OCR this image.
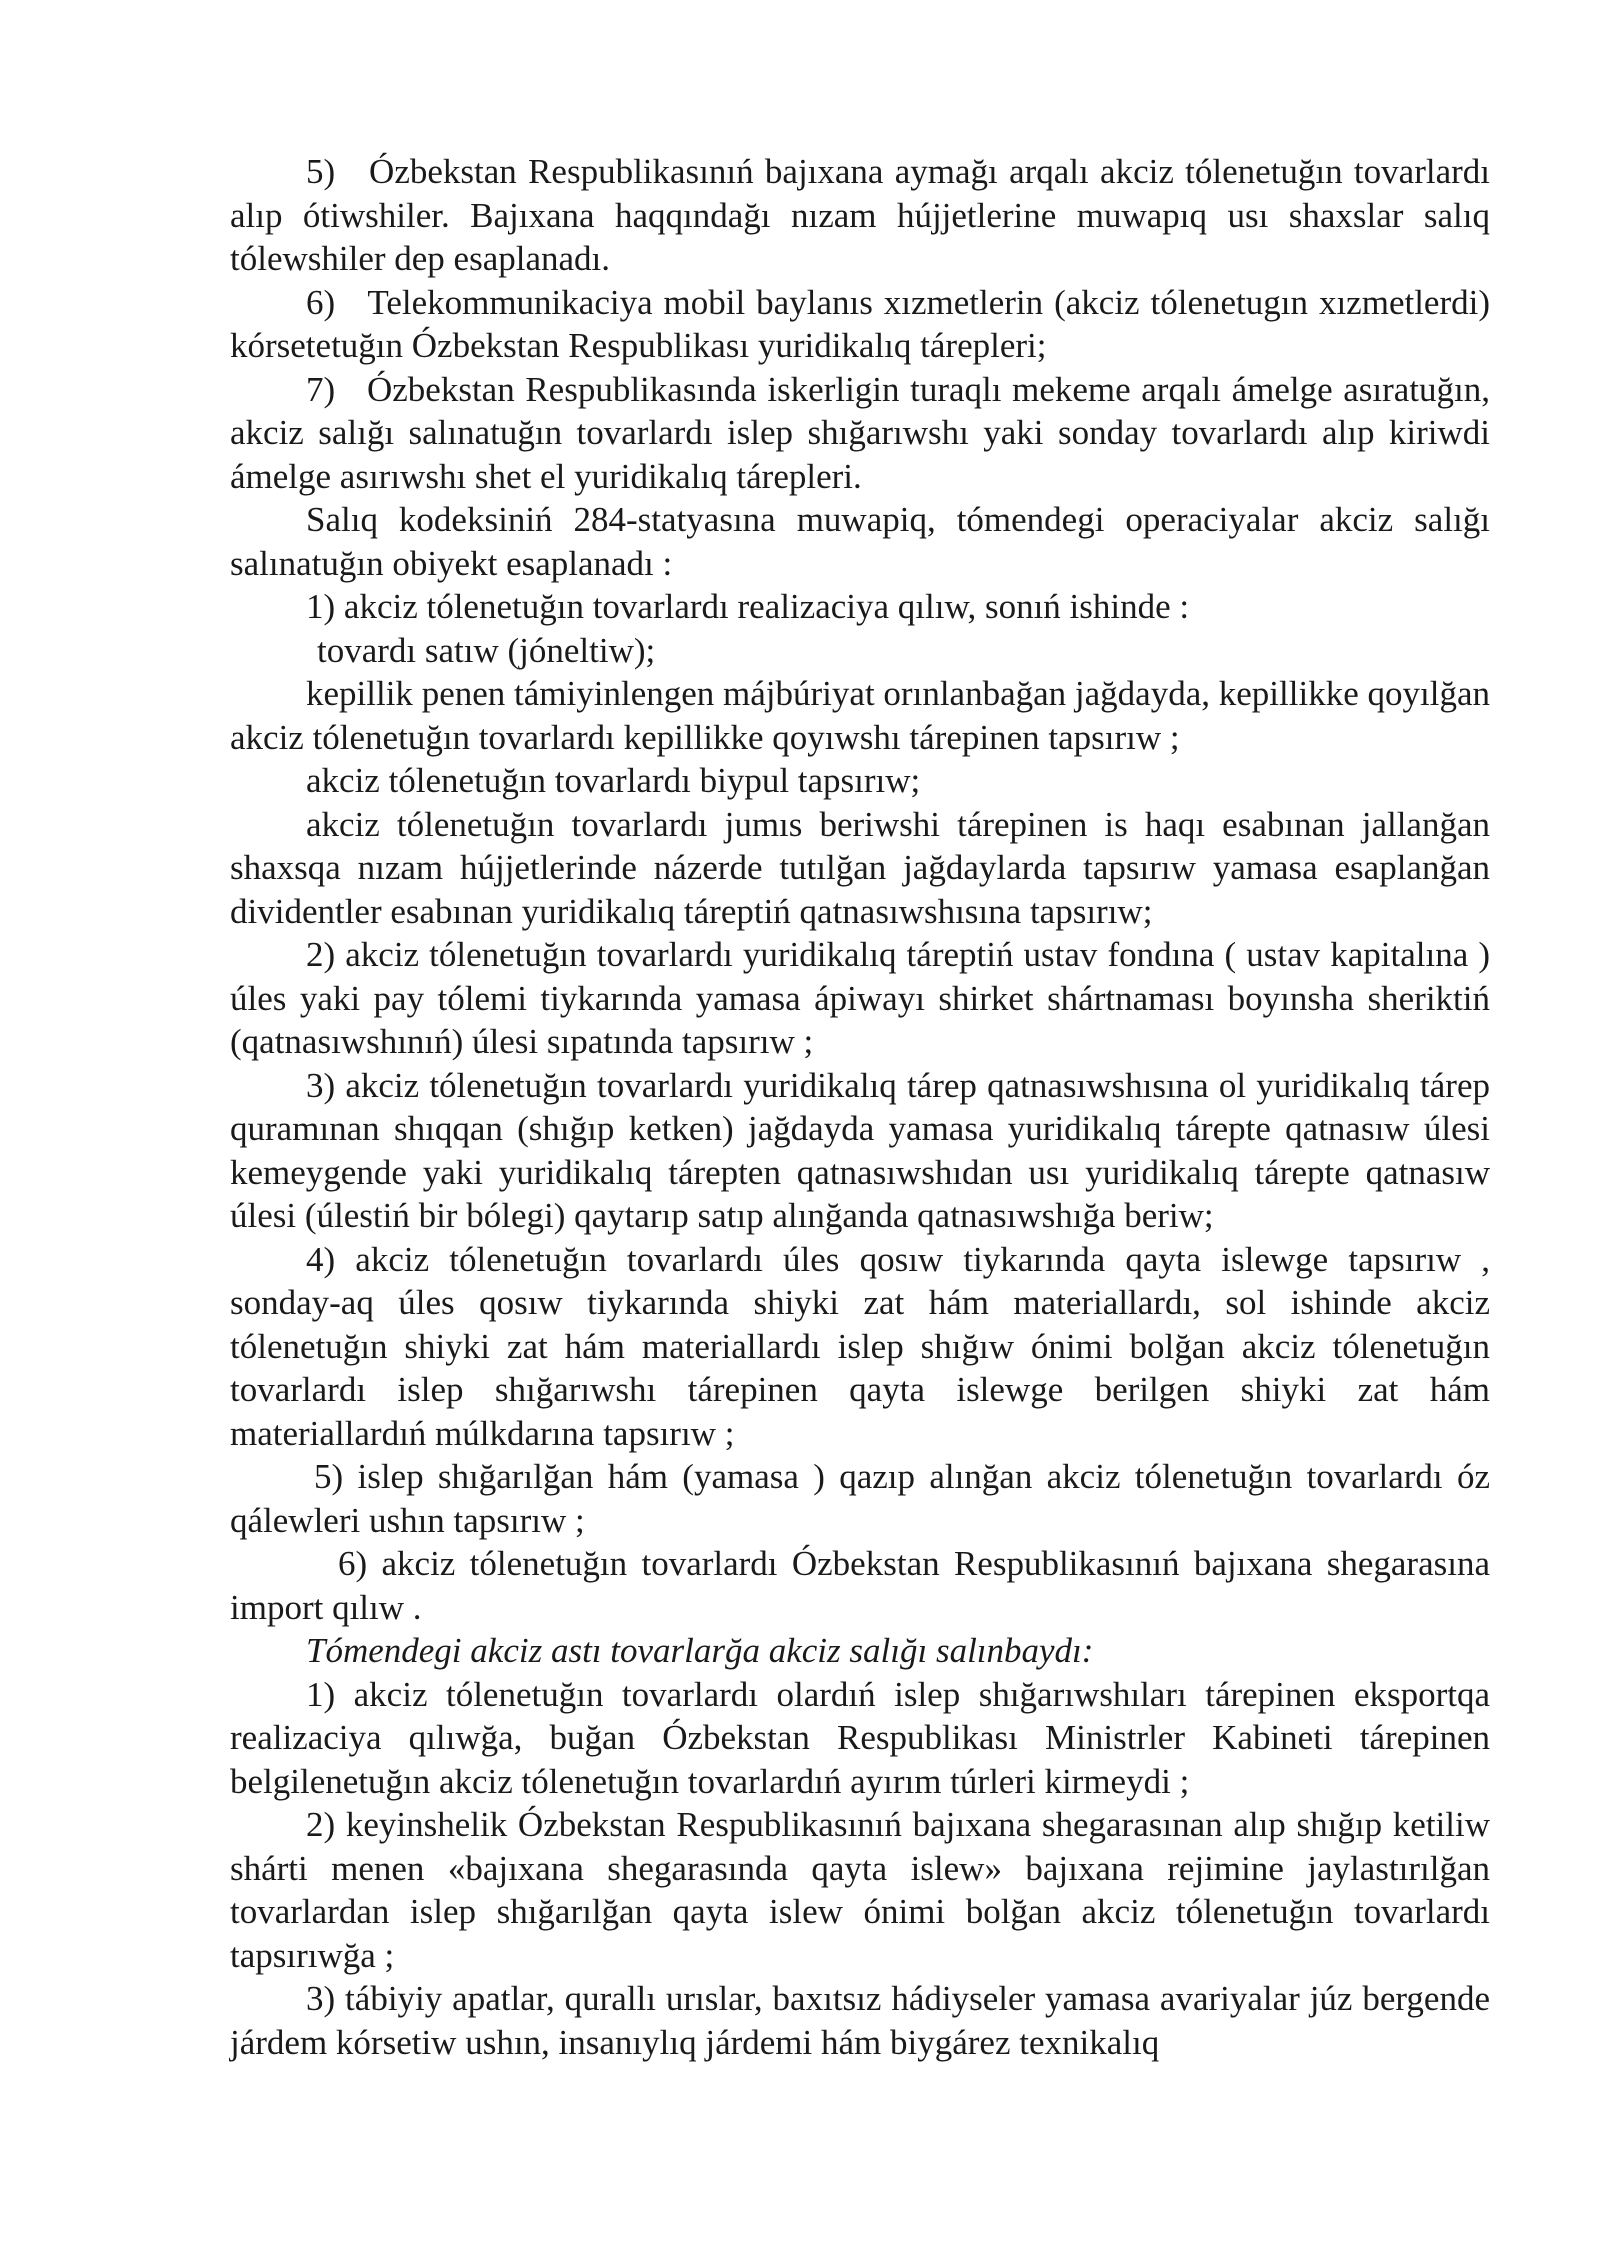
5)   Ózbekstan Respublikasınıń bajıxana aymağı arqalı akciz tólenetuğın tovarlardı alıp ótiwshiler. Bajıxana haqqındağı nızam hújjetlerine muwapıq usı shaxslar salıq tólewshiler dep esaplanadı.

6)   Telekommunikaciya mobil baylanıs xızmetlerin (akciz tólenetugın xızmetlerdi) kórsetetuğın Ózbekstan Respublikası yuridikalıq tárepleri;

7)   Ózbekstan Respublikasında iskerligin turaqlı mekeme arqalı ámelge asıratuğın, akciz salığı salınatuğın tovarlardı islep shığarıwshı yaki sonday tovarlardı alıp kiriwdi ámelge asırıwshı shet el yuridikalıq tárepleri.

Salıq kodeksiniń 284-statyasına muwapiq, tómendegi operaciyalar akciz salığı salınatuğın obiyekt esaplanadı :

1) akciz tólenetuğın tovarlardı realizaciya qılıw, sonıń ishinde :

tovardı satıw (jóneltiw);

kepillik penen támiyinlengen májbúriyat orınlanbağan jağdayda, kepillikke qoyılğan akciz tólenetuğın tovarlardı kepillikke qoyıwshı tárepinen tapsırıw ;

akciz tólenetuğın tovarlardı biypul tapsırıw;

akciz tólenetuğın tovarlardı jumıs beriwshi tárepinen is haqı esabınan jallanğan shaxsqa nızam hújjetlerinde názerde tutılğan jağdaylarda tapsırıw yamasa esaplanğan dividentler esabınan yuridikalıq táreptiń qatnasıwshısına tapsırıw;

2) akciz tólenetuğın tovarlardı yuridikalıq táreptiń ustav fondına ( ustav kapitalına ) úles yaki pay tólemi tiykarında yamasa ápiwayı shirket shártnaması boyınsha sheriktiń (qatnasıwshınıń) úlesi sıpatında tapsırıw ;

3) akciz tólenetuğın tovarlardı yuridikalıq tárep qatnasıwshısına ol yuridikalıq tárep quramınan shıqqan (shığıp ketken) jağdayda yamasa yuridikalıq tárepte qatnasıw úlesi kemeygende yaki yuridikalıq tárepten qatnasıwshıdan usı yuridikalıq tárepte qatnasıw úlesi (úlestiń bir bólegi) qaytarıp satıp alınğanda qatnasıwshığa beriw;

4) akciz tólenetuğın tovarlardı úles qosıw tiykarında qayta islewge tapsırıw , sonday-aq úles qosıw tiykarında shiyki zat hám materiallardı, sol ishinde akciz tólenetuğın shiyki zat hám materiallardı islep shığıw ónimi bolğan akciz tólenetuğın tovarlardı islep shığarıwshı tárepinen qayta islewge berilgen shiyki zat hám materiallardıń múlkdarına tapsırıw ;

5) islep shığarılğan hám (yamasa ) qazıp alınğan akciz tólenetuğın tovarlardı óz qálewleri ushın tapsırıw ;

6) akciz tólenetuğın tovarlardı Ózbekstan Respublikasınıń bajıxana shegarasına import qılıw .

Tómendegi akciz astı tovarlarğa akciz salığı salınbaydı:

1) akciz tólenetuğın tovarlardı olardıń islep shığarıwshıları tárepinen eksportqa realizaciya qılıwğa, buğan Ózbekstan Respublikası Ministrler Kabineti tárepinen belgilenetuğın akciz tólenetuğın tovarlardıń ayırım túrleri kirmeydi ;

2) keyinshelik Ózbekstan Respublikasınıń bajıxana shegarasınan alıp shığıp ketiliw shárti menen «bajıxana shegarasında qayta islew» bajıxana rejimine jaylastırılğan tovarlardan islep shığarılğan qayta islew ónimi bolğan akciz tólenetuğın tovarlardı tapsırıwğa ;

3) tábiyiy apatlar, qurallı urıslar, baxıtsız hádiyseler yamasa avariyalar júz bergende járdem kórsetiw ushın, insanıylıq járdemi hám biygárez texnikalıq
